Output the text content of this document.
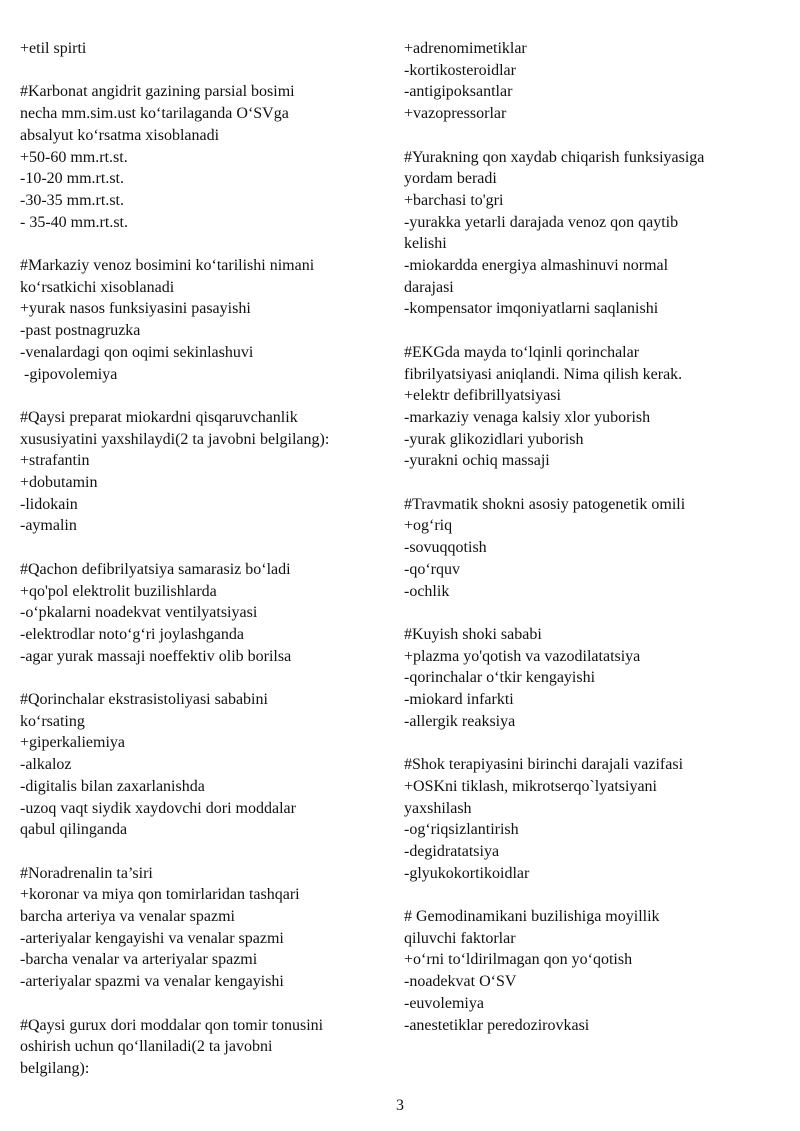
+etil spirti
#Karbonat angidrit gazining parsial bosimi
necha mm.sim.ust koʻtarilaganda OʻSVga
absalyut koʻrsatma xisoblanadi
+50-60 mm.rt.st.
-10-20 mm.rt.st.
-30-35 mm.rt.st.
- 35-40 mm.rt.st.
#Markaziy venoz bosimini koʻtarilishi nimani
koʻrsatkichi xisoblanadi
+yurak nasos funksiyasini pasayishi
-past postnagruzka
-venalardagi qon oqimi sekinlashuvi
-gipovolemiya
#Qaysi preparat miokardni qisqaruvchanlik
xususiyatini yaxshilaydi(2 ta javobni belgilang):
+strafantin
+dobutamin
-lidokain
-aymalin
#Qachon defibrilyatsiya samarasiz boʻladi
+qo'pol elektrolit buzilishlarda
-oʻpkalarni noadekvat ventilyatsiyasi
-elektrodlar notoʻgʻri joylashganda
-agar yurak massaji noeffektiv olib borilsa
#Qorinchalar ekstrasistoliyasi sababini
koʻrsating
+giperkaliemiya
-alkaloz
-digitalis bilan zaxarlanishda
-uzoq vaqt siydik xaydovchi dori moddalar
qabul qilinganda
#Noradrenalin ta’siri
+koronar va miya qon tomirlaridan tashqari
barcha arteriya va venalar spazmi
-arteriyalar kengayishi va venalar spazmi
-barcha venalar va arteriyalar spazmi
-arteriyalar spazmi va venalar kengayishi
#Qaysi gurux dori moddalar qon tomir tonusini
oshirish uchun qoʻllaniladi(2 ta javobni
belgilang):
+adrenomimetiklar
-kortikosteroidlar
-antigipoksantlar
+vazopressorlar
#Yurakning qon xaydab chiqarish funksiyasiga
yordam beradi
+barchasi to'gri
-yurakka yetarli darajada venoz qon qaytib
kelishi
-miokardda energiya almashinuvi normal
darajasi
-kompensator imqoniyatlarni saqlanishi
#EKGda mayda toʻlqinli qorinchalar
fibrilyatsiyasi aniqlandi. Nima qilish kerak.
+elektr defibrillyatsiyasi
-markaziy venaga kalsiy xlor yuborish
-yurak glikozidlari yuborish
-yurakni ochiq massaji
#Travmatik shokni asosiy patogenetik omili
+ogʻriq
-sovuqqotish
-qoʻrquv
-ochlik
#Kuyish shoki sababi
+plazma yo'qotish va vazodilatatsiya
-qorinchalar oʻtkir kengayishi
-miokard infarkti
-allergik reaksiya
#Shok terapiyasini birinchi darajali vazifasi
+OSKni tiklash, mikrotserqo`lyatsiyani
yaxshilash
-ogʻriqsizlantirish
-degidratatsiya
-glyukokortikoidlar
# Gemodinamikani buzilishiga moyillik
qiluvchi faktorlar
+oʻrni toʻldirilmagan qon yoʻqotish
-noadekvat OʻSV
-euvolemiya
-anestetiklar peredozirovkasi
3
